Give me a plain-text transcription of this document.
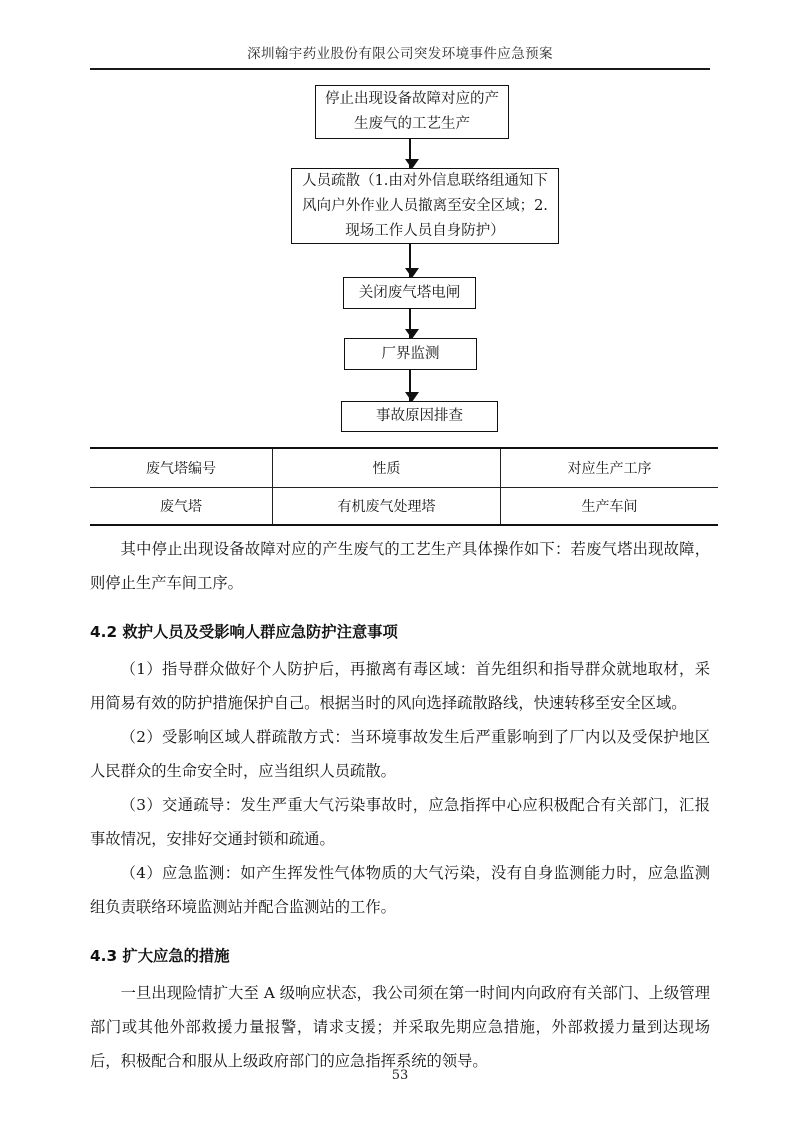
深圳翰宇药业股份有限公司突发环境事件应急预案
停止出现设备故障对应的产生废气的工艺生产
人员疏散（1.由对外信息联络组通知下风向户外作业人员撤离至安全区域；2.现场工作人员自身防护）
关闭废气塔电闸
厂界监测
事故原因排查
废气塔编号	性质	对应生产工序
废气塔	有机废气处理塔	生产车间

其中停止出现设备故障对应的产生废气的工艺生产具体操作如下：若废气塔出现故障，则停止生产车间工序。

4.2 救护人员及受影响人群应急防护注意事项

（1）指导群众做好个人防护后，再撤离有毒区域：首先组织和指导群众就地取材，采用简易有效的防护措施保护自己。根据当时的风向选择疏散路线，快速转移至安全区域。

（2）受影响区域人群疏散方式：当环境事故发生后严重影响到了厂内以及受保护地区人民群众的生命安全时，应当组织人员疏散。

（3）交通疏导：发生严重大气污染事故时，应急指挥中心应积极配合有关部门，汇报事故情况，安排好交通封锁和疏通。

（4）应急监测：如产生挥发性气体物质的大气污染，没有自身监测能力时，应急监测组负责联络环境监测站并配合监测站的工作。

4.3 扩大应急的措施

一旦出现险情扩大至 A 级响应状态，我公司须在第一时间内向政府有关部门、上级管理部门或其他外部救援力量报警，请求支援；并采取先期应急措施，外部救援力量到达现场后，积极配合和服从上级政府部门的应急指挥系统的领导。

53
